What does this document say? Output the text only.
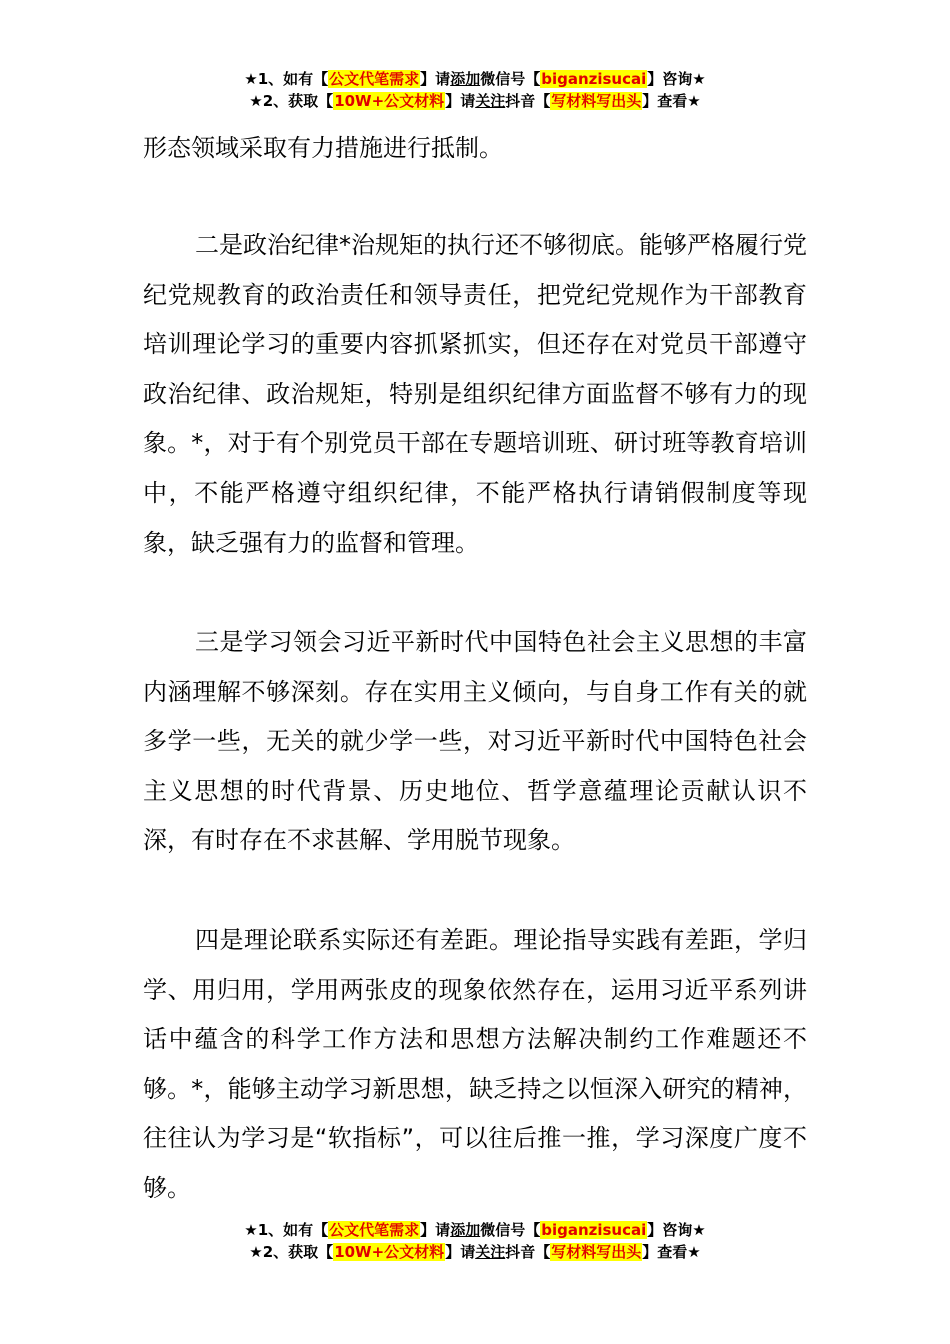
★1、如有【公文代笔需求】请添加微信号【biganzisucai】咨询★
★2、获取【10W+公文材料】请关注抖音【写材料写出头】查看★

形态领域采取有力措施进行抵制。

二是政治纪律*治规矩的执行还不够彻底。能够严格履行党纪党规教育的政治责任和领导责任，把党纪党规作为干部教育培训理论学习的重要内容抓紧抓实，但还存在对党员干部遵守政治纪律、政治规矩，特别是组织纪律方面监督不够有力的现象。*，对于有个别党员干部在专题培训班、研讨班等教育培训中，不能严格遵守组织纪律，不能严格执行请销假制度等现象，缺乏强有力的监督和管理。

三是学习领会习近平新时代中国特色社会主义思想的丰富内涵理解不够深刻。存在实用主义倾向，与自身工作有关的就多学一些，无关的就少学一些，对习近平新时代中国特色社会主义思想的时代背景、历史地位、哲学意蕴理论贡献认识不深，有时存在不求甚解、学用脱节现象。

四是理论联系实际还有差距。理论指导实践有差距，学归学、用归用，学用两张皮的现象依然存在，运用习近平系列讲话中蕴含的科学工作方法和思想方法解决制约工作难题还不够。*，能够主动学习新思想，缺乏持之以恒深入研究的精神，往往认为学习是“软指标”，可以往后推一推，学习深度广度不够。

★1、如有【公文代笔需求】请添加微信号【biganzisucai】咨询★
★2、获取【10W+公文材料】请关注抖音【写材料写出头】查看★
